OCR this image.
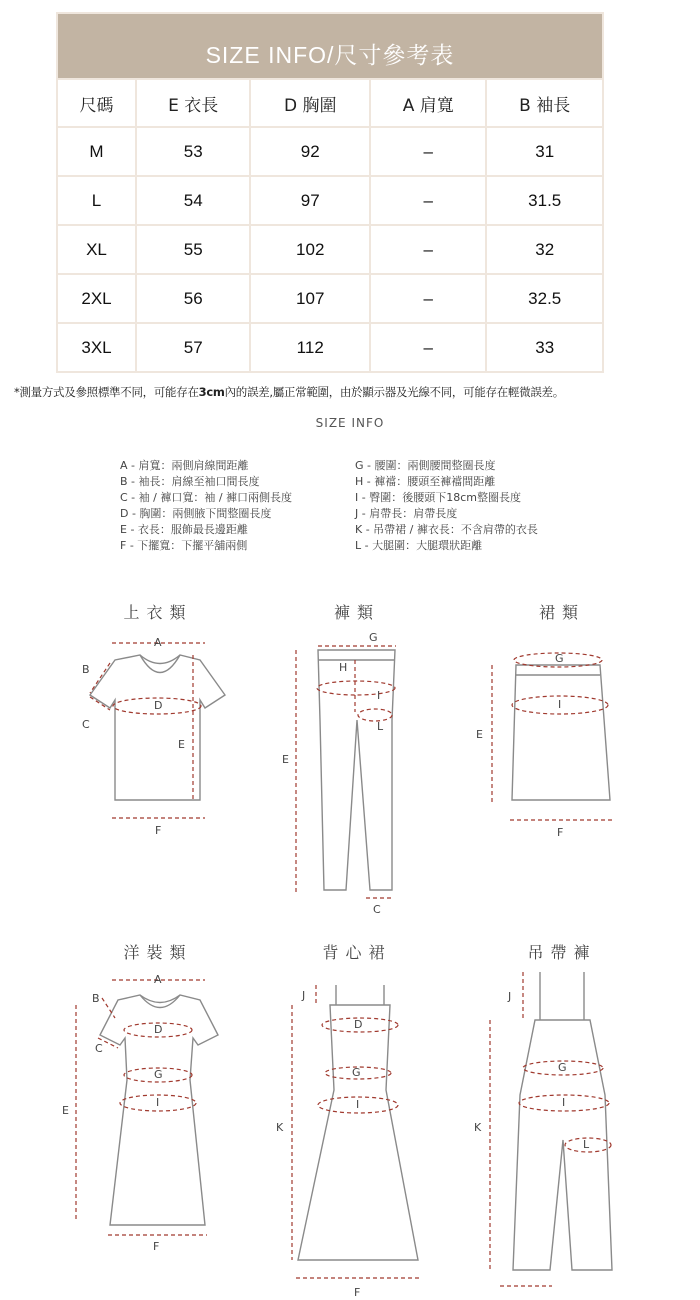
SIZE INFO/尺寸參考表				
尺碼	E 衣長	D 胸圍	A 肩寬	B 袖長
M	53	92	–	31
L	54	97	–	31.5
XL	55	102	–	32
2XL	56	107	–	32.5
3XL	57	112	–	33
*測量方式及參照標準不同，可能存在3cm內的誤差,屬正常範圍，由於顯示器及光線不同，可能存在輕微誤差。
SIZE INFO
A - 肩寬：兩側肩線間距離
B - 袖長：肩線至袖口間長度
C - 袖 / 褲口寬：袖 / 褲口兩側長度
D - 胸圍：兩側腋下間整圈長度
E - 衣長：服飾最長邊距離
F - 下擺寬：下擺平舖兩側
G - 腰圍：兩側腰間整圈長度
H - 褲襠：腰頭至褲襠間距離
I - 臀圍：後腰頭下18cm整圈長度
J - 肩帶長：肩帶長度
K - 吊帶裙 / 褲衣長：不含肩帶的衣長
L - 大腿圍：大腿環狀距離
上衣類	褲類	裙類
洋裝類	背心裙	吊帶褲
A
B
C
D
E
F
G
H
I
L
E
C
G
I
E
F
A
B
C
D
G
I
E
F
J
D
G
I
K
F
J
G
I
L
K
